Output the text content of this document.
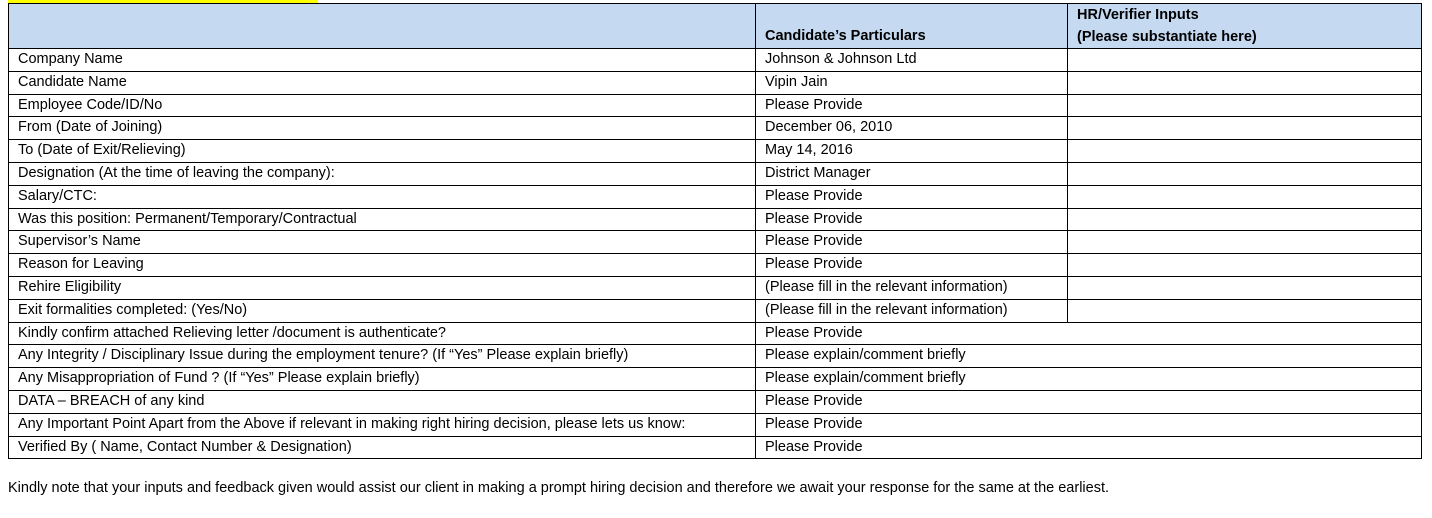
	Candidate’s Particulars	HR/Verifier Inputs
(Please substantiate here)

Company Name	Johnson & Johnson Ltd	
Candidate Name	Vipin Jain	
Employee Code/ID/No	Please Provide	
From (Date of Joining)	December 06, 2010	
To (Date of Exit/Relieving)	May 14, 2016	
Designation (At the time of leaving the company):	District Manager	
Salary/CTC:	Please Provide	
Was this position: Permanent/Temporary/Contractual	Please Provide	
Supervisor’s Name	Please Provide	
Reason for Leaving	Please Provide	
Rehire Eligibility	(Please fill in the relevant information)	
Exit formalities completed: (Yes/No)	(Please fill in the relevant information)	
Kindly confirm attached Relieving letter /document is authenticate?	Please Provide	
Any Integrity / Disciplinary Issue during the employment tenure? (If “Yes” Please explain briefly)	Please explain/comment briefly	
Any Misappropriation of Fund ? (If “Yes” Please explain briefly)	Please explain/comment briefly	
DATA – BREACH of any kind	Please Provide	
Any Important Point Apart from the Above if relevant in making right hiring decision, please lets us know:	Please Provide	
Verified By ( Name, Contact Number & Designation)	Please Provide	
Kindly note that your inputs and feedback given would assist our client in making a prompt hiring decision and therefore we await your response for the same at the earliest.
